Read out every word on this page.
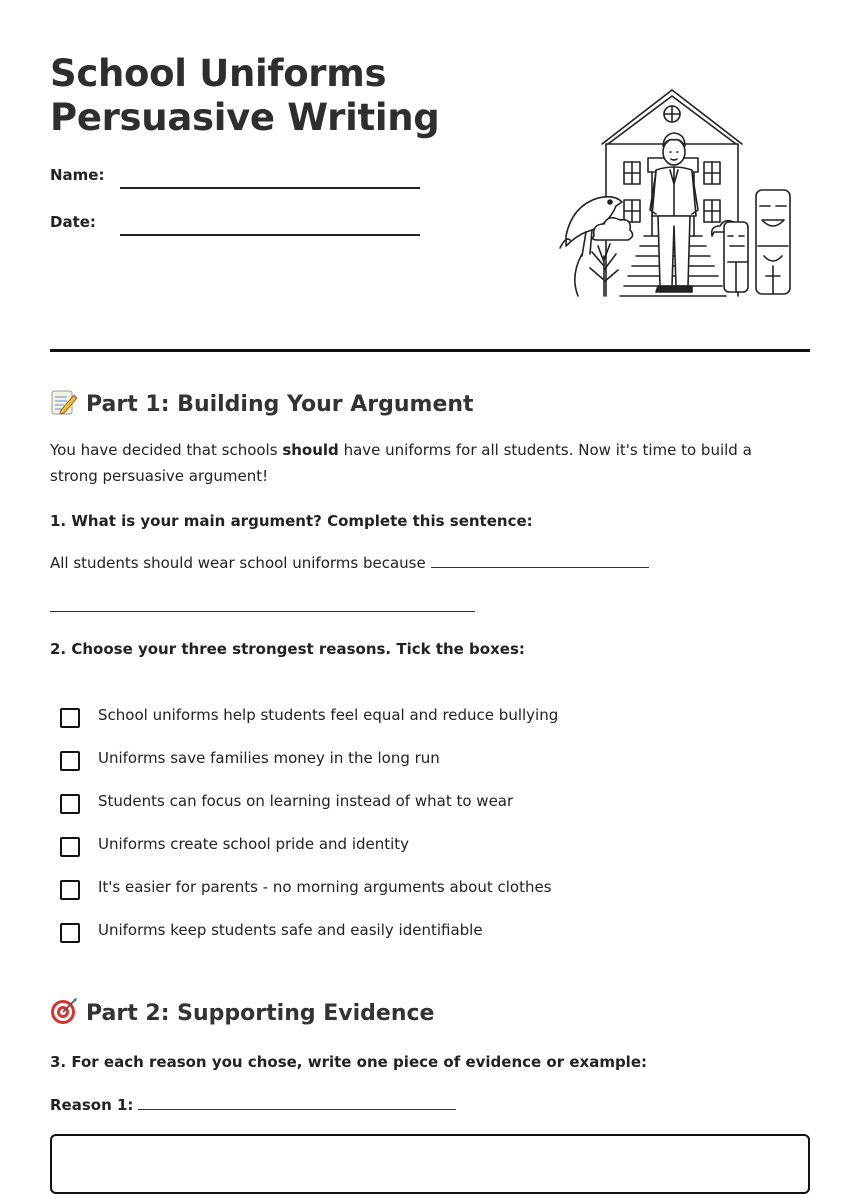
School Uniforms
Persuasive Writing
Name:
Date:
Part 1: Building Your Argument
You have decided that schools should have uniforms for all students. Now it's time to build a strong persuasive argument!
1. What is your main argument? Complete this sentence:
All students should wear school uniforms because
2. Choose your three strongest reasons. Tick the boxes:
School uniforms help students feel equal and reduce bullying
Uniforms save families money in the long run
Students can focus on learning instead of what to wear
Uniforms create school pride and identity
It's easier for parents - no morning arguments about clothes
Uniforms keep students safe and easily identifiable
Part 2: Supporting Evidence
3. For each reason you chose, write one piece of evidence or example:
Reason 1:
